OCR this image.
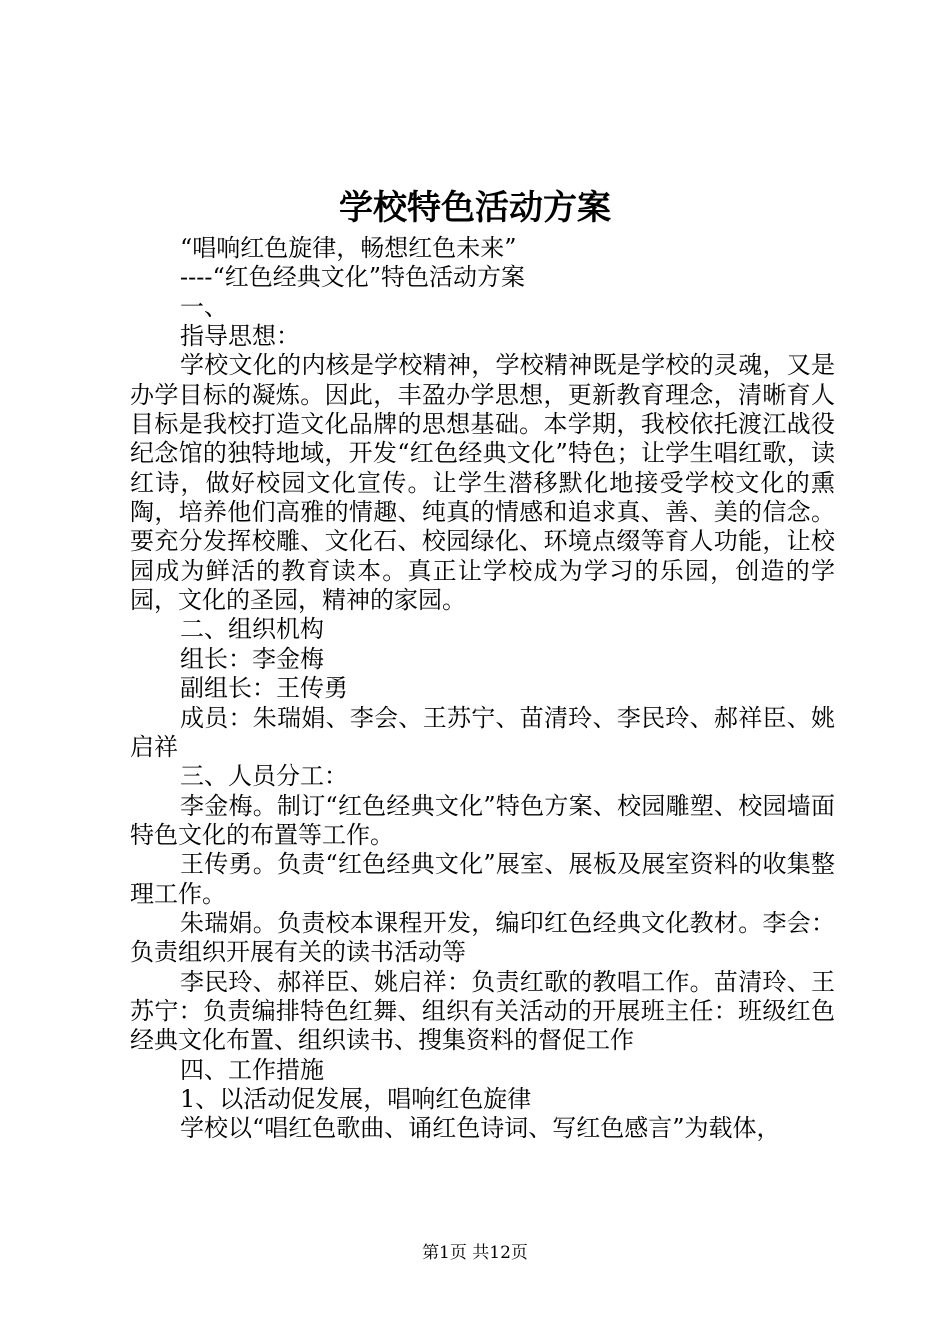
学校特色活动方案

“唱响红色旋律，畅想红色未来”

----“红色经典文化”特色活动方案

一、

指导思想：

学校文化的内核是学校精神，学校精神既是学校的灵魂，又是办学目标的凝炼。因此，丰盈办学思想，更新教育理念，清晰育人目标是我校打造文化品牌的思想基础。本学期，我校依托渡江战役纪念馆的独特地域，开发“红色经典文化”特色；让学生唱红歌，读红诗，做好校园文化宣传。让学生潜移默化地接受学校文化的熏陶，培养他们高雅的情趣、纯真的情感和追求真、善、美的信念。要充分发挥校雕、文化石、校园绿化、环境点缀等育人功能，让校园成为鲜活的教育读本。真正让学校成为学习的乐园，创造的学园，文化的圣园，精神的家园。

二、组织机构

组长：李金梅

副组长：王传勇

成员：朱瑞娟、李会、王苏宁、苗清玲、李民玲、郝祥臣、姚启祥

三、人员分工：

李金梅。制订“红色经典文化”特色方案、校园雕塑、校园墙面特色文化的布置等工作。

王传勇。负责“红色经典文化”展室、展板及展室资料的收集整理工作。

朱瑞娟。负责校本课程开发，编印红色经典文化教材。李会：负责组织开展有关的读书活动等

李民玲、郝祥臣、姚启祥：负责红歌的教唱工作。苗清玲、王苏宁：负责编排特色红舞、组织有关活动的开展班主任：班级红色经典文化布置、组织读书、搜集资料的督促工作

四、工作措施

1、以活动促发展，唱响红色旋律

学校以“唱红色歌曲、诵红色诗词、写红色感言”为载体，

第1页 共12页
